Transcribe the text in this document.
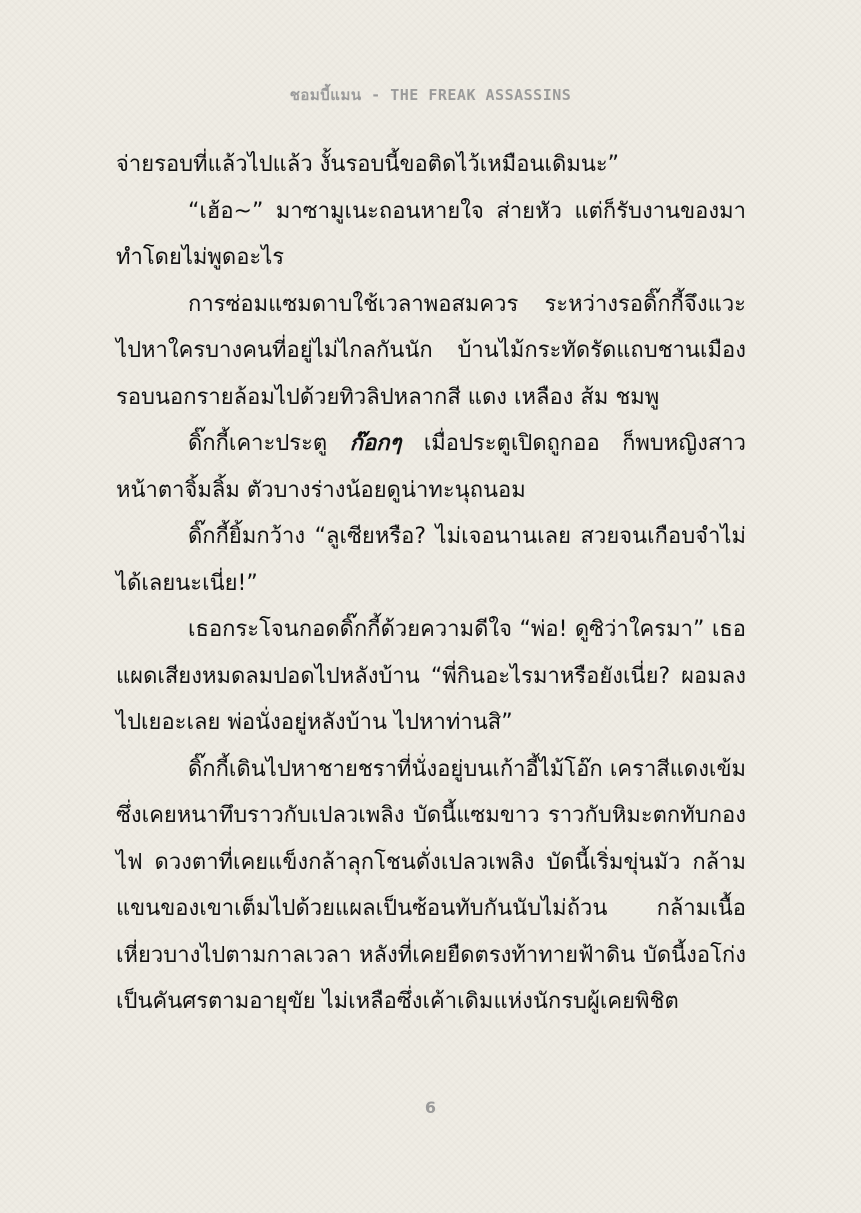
ชอมบี้แมน - THE FREAK ASSASSINS

จ่ายรอบที่แล้วไปแล้ว งั้นรอบนี้ขอติดไว้เหมือนเดิมนะ”

“เฮ้อ~” มาซามูเนะถอนหายใจ ส่ายหัว แต่ก็รับงานของมาทำโดยไม่พูดอะไร

การซ่อมแซมดาบใช้เวลาพอสมควร ระหว่างรอดิ๊กกี้จึงแวะไปหาใครบางคนที่อยู่ไม่ไกลกันนัก บ้านไม้กระทัดรัดแถบชานเมืองรอบนอกรายล้อมไปด้วยทิวลิปหลากสี แดง เหลือง ส้ม ชมพู

ดิ๊กกี้เคาะประตู ก๊อกๆ เมื่อประตูเปิดถูกออ ก็พบหญิงสาวหน้าตาจิ้มลิ้ม ตัวบางร่างน้อยดูน่าทะนุถนอม

ดิ๊กกี้ยิ้มกว้าง “ลูเซียหรือ? ไม่เจอนานเลย สวยจนเกือบจำไม่ได้เลยนะเนี่ย!”

เธอกระโจนกอดดิ๊กกี้ด้วยความดีใจ “พ่อ! ดูซิว่าใครมา” เธอแผดเสียงหมดลมปอดไปหลังบ้าน “พี่กินอะไรมาหรือยังเนี่ย? ผอมลงไปเยอะเลย พ่อนั่งอยู่หลังบ้าน ไปหาท่านสิ”

ดิ๊กกี้เดินไปหาชายชราที่นั่งอยู่บนเก้าอี้ไม้โอ๊ก เคราสีแดงเข้มซึ่งเคยหนาทึบราวกับเปลวเพลิง บัดนี้แซมขาว ราวกับหิมะตกทับกองไฟ ดวงตาที่เคยแข็งกล้าลุกโชนดั่งเปลวเพลิง บัดนี้เริ่มขุ่นมัว กล้ามแขนของเขาเต็มไปด้วยแผลเป็นซ้อนทับกันนับไม่ถ้วน กล้ามเนื้อเหี่ยวบางไปตามกาลเวลา หลังที่เคยยืดตรงท้าทายฟ้าดิน บัดนี้งอโก่งเป็นคันศรตามอายุขัย ไม่เหลือซึ่งเค้าเดิมแห่งนักรบผู้เคยพิชิต

6
